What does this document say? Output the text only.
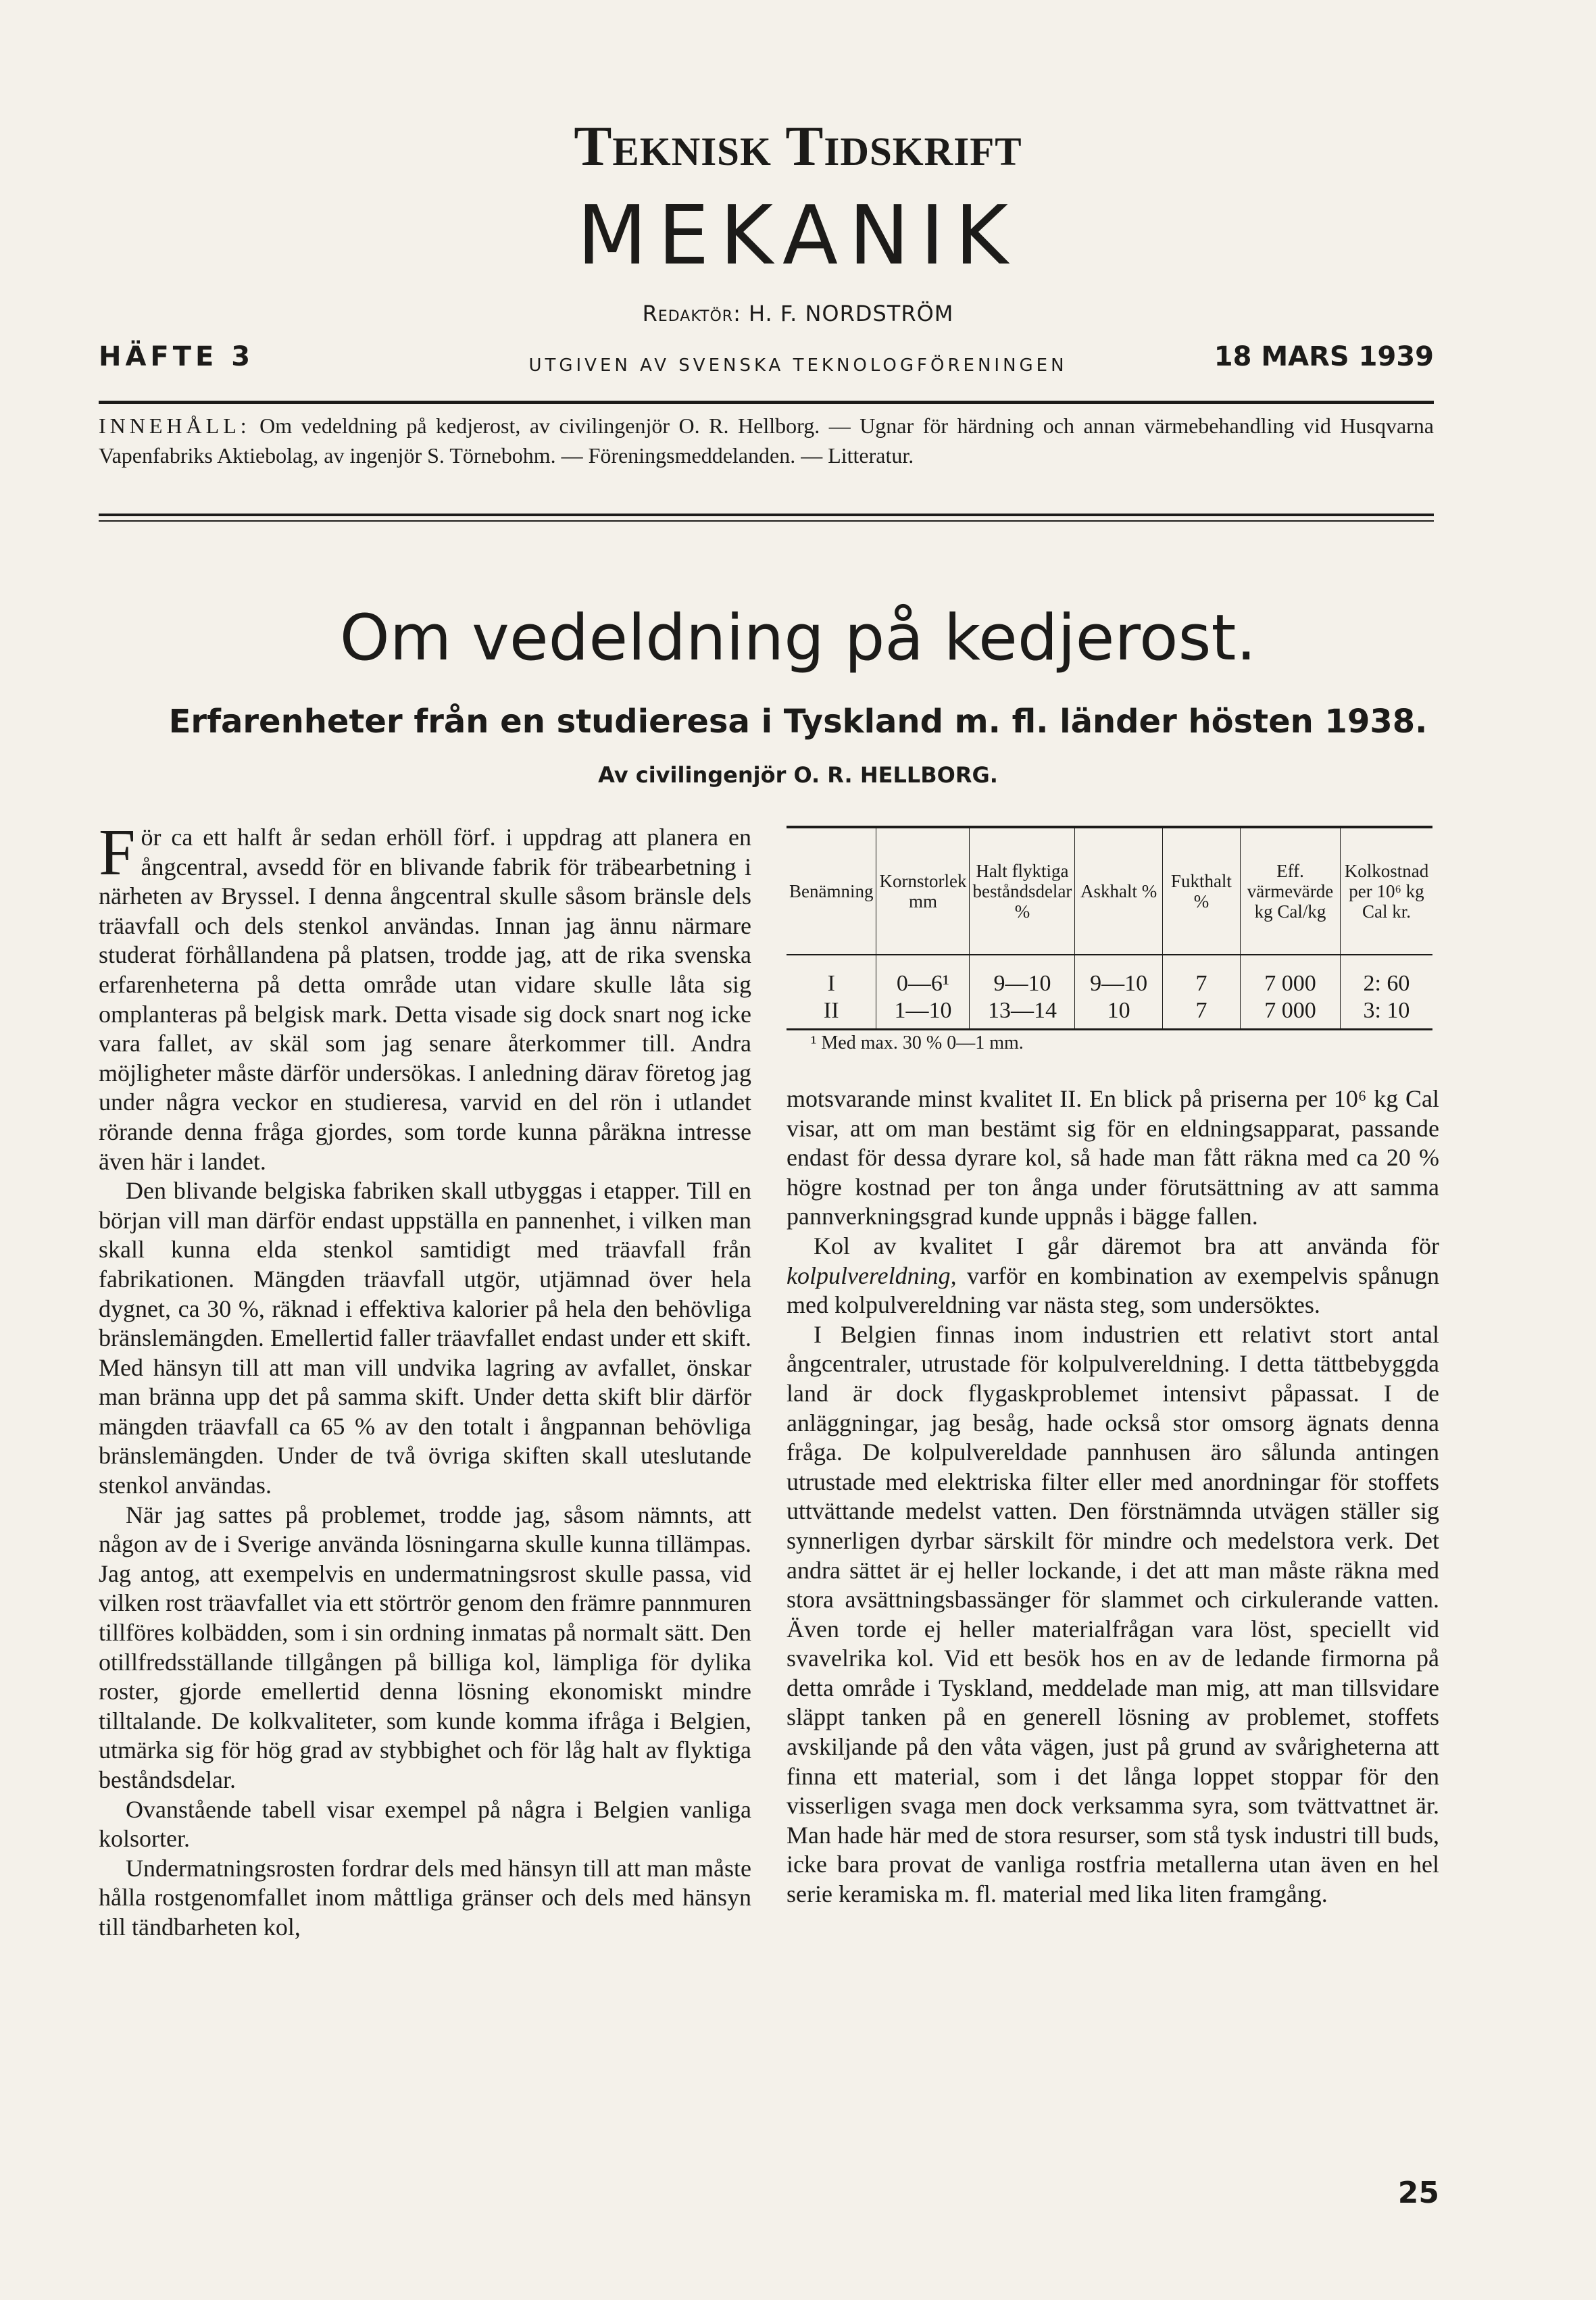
Teknisk Tidskrift
MEKANIK
Redaktör: H. F. NORDSTRÖM
HÄFTE 3	UTGIVEN AV SVENSKA TEKNOLOGFÖRENINGEN	18 MARS 1939
INNEHÅLL: Om vedeldning på kedjerost, av civilingenjör O. R. Hellborg. — Ugnar för härdning och annan värmebehandling vid Husqvarna Vapenfabriks Aktiebolag, av ingenjör S. Törnebohm. — Föreningsmeddelanden. — Litteratur.
Om vedeldning på kedjerost.
Erfarenheter från en studieresa i Tyskland m. fl. länder hösten 1938.
Av civilingenjör O. R. HELLBORG.

För ca ett halft år sedan erhöll förf. i uppdrag att planera en ångcentral, avsedd för en blivande fabrik för träbearbetning i närheten av Bryssel. I denna ångcentral skulle såsom bränsle dels träavfall och dels stenkol användas. Innan jag ännu närmare studerat förhållandena på platsen, trodde jag, att de rika svenska erfarenheterna på detta område utan vidare skulle låta sig omplanteras på belgisk mark. Detta visade sig dock snart nog icke vara fallet, av skäl som jag senare återkommer till. Andra möjligheter måste därför undersökas. I anledning därav företog jag under några veckor en studieresa, varvid en del rön i utlandet rörande denna fråga gjordes, som torde kunna påräkna intresse även här i landet.

Den blivande belgiska fabriken skall utbyggas i etapper. Till en början vill man därför endast uppställa en pannenhet, i vilken man skall kunna elda stenkol samtidigt med träavfall från fabrikationen. Mängden träavfall utgör, utjämnad över hela dygnet, ca 30 %, räknad i effektiva kalorier på hela den behövliga bränslemängden. Emellertid faller träavfallet endast under ett skift. Med hänsyn till att man vill undvika lagring av avfallet, önskar man bränna upp det på samma skift. Under detta skift blir därför mängden träavfall ca 65 % av den totalt i ångpannan behövliga bränslemängden. Under de två övriga skiften skall uteslutande stenkol användas.

När jag sattes på problemet, trodde jag, såsom nämnts, att någon av de i Sverige använda lösningarna skulle kunna tillämpas. Jag antog, att exempelvis en undermatningsrost skulle passa, vid vilken rost träavfallet via ett störtrör genom den främre pannmuren tillföres kolbädden, som i sin ordning inmatas på normalt sätt. Den otillfredsställande tillgången på billiga kol, lämpliga för dylika roster, gjorde emellertid denna lösning ekonomiskt mindre tilltalande. De kolkvaliteter, som kunde komma ifråga i Belgien, utmärka sig för hög grad av stybbighet och för låg halt av flyktiga beståndsdelar.

Ovanstående tabell visar exempel på några i Belgien vanliga kolsorter.

Undermatningsrosten fordrar dels med hänsyn till att man måste hålla rostgenomfallet inom måttliga gränser och dels med hänsyn till tändbarheten kol,

Benämning	Kornstorlek mm	Halt flyktiga beståndsdelar %	Askhalt %	Fukthalt %	Eff. värmevärde kg Cal/kg	Kolkostnad per 10⁶ kg Cal kr.
I	0—6¹	9—10	9—10	7	7 000	2: 60
II	1—10	13—14	10	7	7 000	3: 10
¹ Med max. 30 % 0—1 mm.

motsvarande minst kvalitet II. En blick på priserna per 10⁶ kg Cal visar, att om man bestämt sig för en eldningsapparat, passande endast för dessa dyrare kol, så hade man fått räkna med ca 20 % högre kostnad per ton ånga under förutsättning av att samma pannverkningsgrad kunde uppnås i bägge fallen.

Kol av kvalitet I går däremot bra att använda för kolpulvereldning, varför en kombination av exempelvis spånugn med kolpulvereldning var nästa steg, som undersöktes.

I Belgien finnas inom industrien ett relativt stort antal ångcentraler, utrustade för kolpulvereldning. I detta tättbebyggda land är dock flygaskproblemet intensivt påpassat. I de anläggningar, jag besåg, hade också stor omsorg ägnats denna fråga. De kolpulvereldade pannhusen äro sålunda antingen utrustade med elektriska filter eller med anordningar för stoffets uttvättande medelst vatten. Den förstnämnda utvägen ställer sig synnerligen dyrbar särskilt för mindre och medelstora verk. Det andra sättet är ej heller lockande, i det att man måste räkna med stora avsättningsbassänger för slammet och cirkulerande vatten. Även torde ej heller materialfrågan vara löst, speciellt vid svavelrika kol. Vid ett besök hos en av de ledande firmorna på detta område i Tyskland, meddelade man mig, att man tillsvidare släppt tanken på en generell lösning av problemet, stoffets avskiljande på den våta vägen, just på grund av svårigheterna att finna ett material, som i det långa loppet stoppar för den visserligen svaga men dock verksamma syra, som tvättvattnet är. Man hade här med de stora resurser, som stå tysk industri till buds, icke bara provat de vanliga rostfria metallerna utan även en hel serie keramiska m. fl. material med lika liten framgång.

25
